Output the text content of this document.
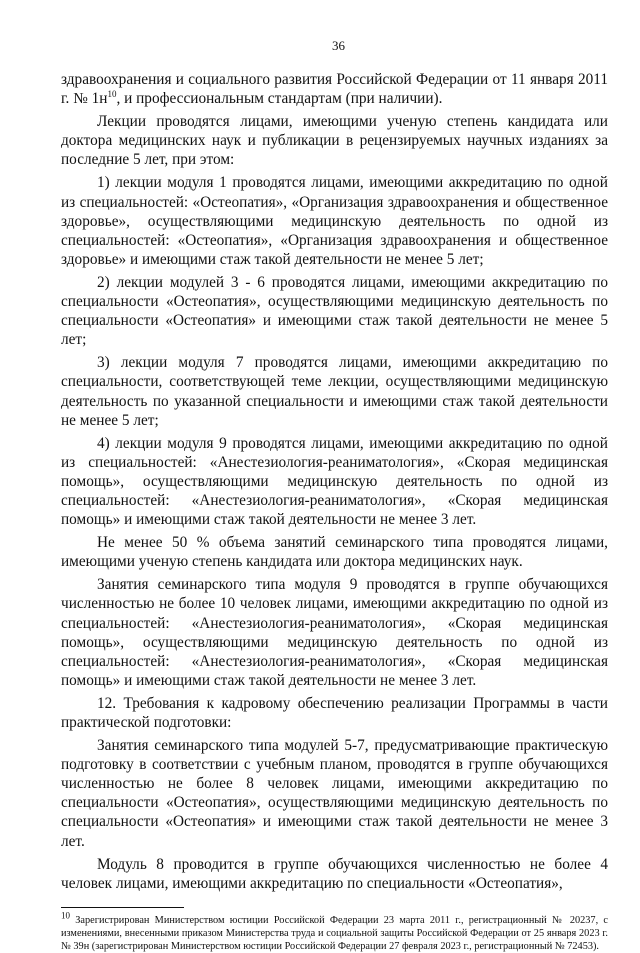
36

здравоохранения и социального развития Российской Федерации от 11 января 2011 г. № $1н^{10}$, и профессиональным стандартам (при наличии).

Лекции проводятся лицами, имеющими ученую степень кандидата или доктора медицинских наук и публикации в рецензируемых научных изданиях за последние 5 лет, при этом:

1) лекции модуля 1 проводятся лицами, имеющими аккредитацию по одной из специальностей: «Остеопатия», «Организация здравоохранения и общественное здоровье», осуществляющими медицинскую деятельность по одной из специальностей: «Остеопатия», «Организация здравоохранения и общественное здоровье» и имеющими стаж такой деятельности не менее 5 лет;

2) лекции модулей 3 - 6 проводятся лицами, имеющими аккредитацию по специальности «Остеопатия», осуществляющими медицинскую деятельность по специальности «Остеопатия» и имеющими стаж такой деятельности не менее 5 лет;

3) лекции модуля 7 проводятся лицами, имеющими аккредитацию по специальности, соответствующей теме лекции, осуществляющими медицинскую деятельность по указанной специальности и имеющими стаж такой деятельности не менее 5 лет;

4) лекции модуля 9 проводятся лицами, имеющими аккредитацию по одной из специальностей: «Анестезиология-реаниматология», «Скорая медицинская помощь», осуществляющими медицинскую деятельность по одной из специальностей: «Анестезиология-реаниматология», «Скорая медицинская помощь» и имеющими стаж такой деятельности не менее 3 лет.

Не менее 50 % объема занятий семинарского типа проводятся лицами, имеющими ученую степень кандидата или доктора медицинских наук.

Занятия семинарского типа модуля 9 проводятся в группе обучающихся численностью не более 10 человек лицами, имеющими аккредитацию по одной из специальностей: «Анестезиология-реаниматология», «Скорая медицинская помощь», осуществляющими медицинскую деятельность по одной из специальностей: «Анестезиология-реаниматология», «Скорая медицинская помощь» и имеющими стаж такой деятельности не менее 3 лет.

12. Требования к кадровому обеспечению реализации Программы в части практической подготовки:

Занятия семинарского типа модулей 5-7, предусматривающие практическую подготовку в соответствии с учебным планом, проводятся в группе обучающихся численностью не более 8 человек лицами, имеющими аккредитацию по специальности «Остеопатия», осуществляющими медицинскую деятельность по специальности «Остеопатия» и имеющими стаж такой деятельности не менее 3 лет.

Модуль 8 проводится в группе обучающихся численностью не более 4 человек лицами, имеющими аккредитацию по специальности «Остеопатия»,

$^{10}$ Зарегистрирован Министерством юстиции Российской Федерации 23 марта 2011 г., регистрационный № 20237, с изменениями, внесенными приказом Министерства труда и социальной защиты Российской Федерации от 25 января 2023 г. № 39н (зарегистрирован Министерством юстиции Российской Федерации 27 февраля 2023 г., регистрационный № 72453).
